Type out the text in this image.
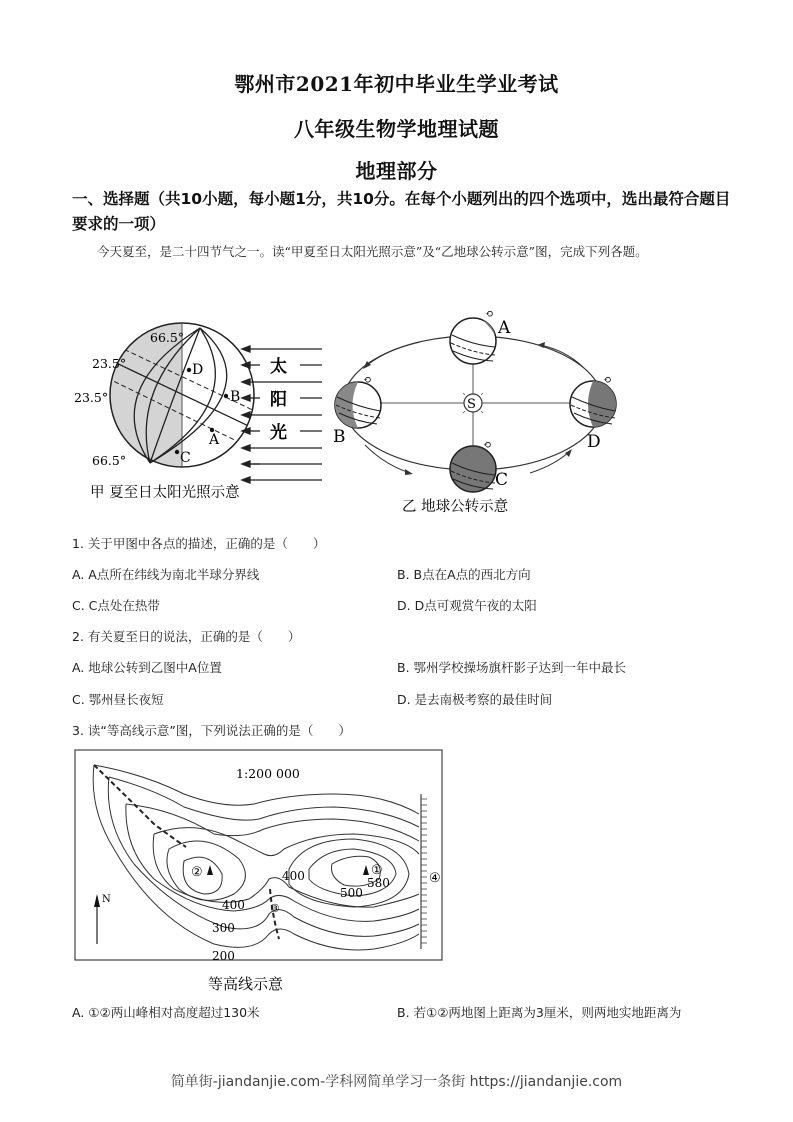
鄂州市2021年初中毕业生学业考试
八年级生物学地理试题
地理部分
一、选择题（共10小题，每小题1分，共10分。在每个小题列出的四个选项中，选出最符合题目要求的一项）
今天夏至，是二十四节气之一。读“甲夏至日太阳光照示意”及“乙地球公转示意”图，完成下列各题。
D
B
A
C
66.5°
23.5°
23.5°
66.5°
太
阳
光
甲 夏至日太阳光照示意
S
⟲
A
⟲
B	⟲
C
⟲
D
乙 地球公转示意
1. 关于甲图中各点的描述，正确的是（　　）
A. A点所在纬线为南北半球分界线	B. B点在A点的西北方向
C. C点处在热带	D. D点可观赏午夜的太阳
2. 有关夏至日的说法，正确的是（　　）
A. 地球公转到乙图中A位置	B. 鄂州学校操场旗杆影子达到一年中最长
C. 鄂州昼长夜短	D. 是去南极考察的最佳时间
3. 读“等高线示意”图，下列说法正确的是（　　）
1:200 000
②	①
③
④
580
500
400
400
300
200
N
等高线示意
A. ①②两山峰相对高度超过130米	B. 若①②两地图上距离为3厘米，则两地实地距离为
简单街-jiandanjie.com-学科网简单学习一条街 https://jiandanjie.com
